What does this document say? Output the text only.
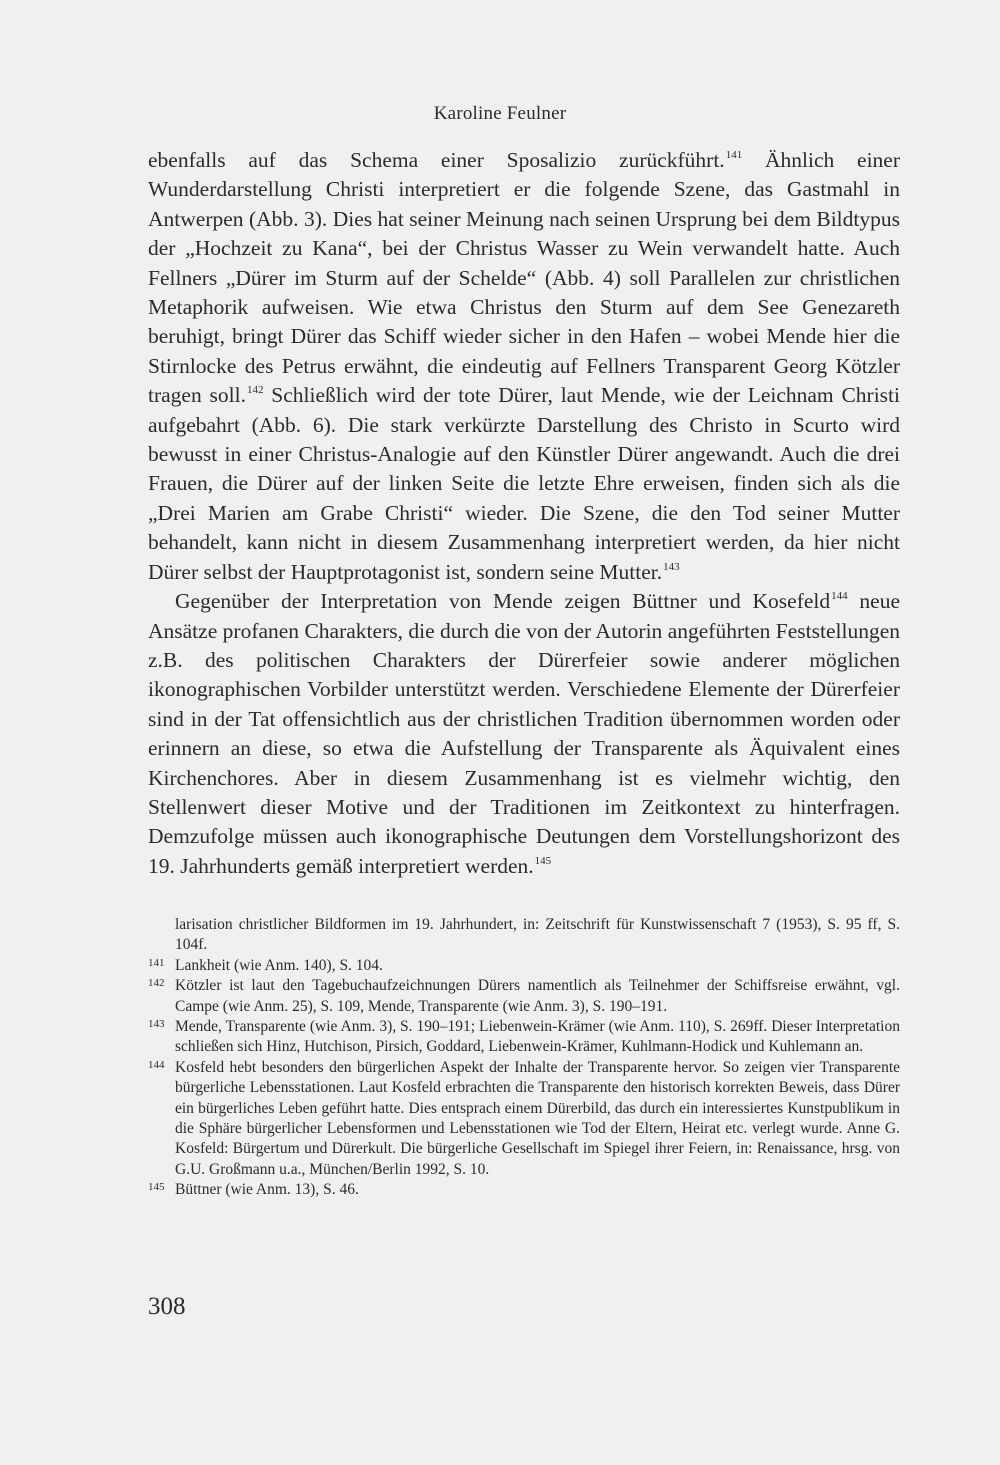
Karoline Feulner

ebenfalls auf das Schema einer Sposalizio zurückführt.$^{141}$ Ähnlich einer Wunderdarstellung Christi interpretiert er die folgende Szene, das Gastmahl in Antwerpen (Abb. 3). Dies hat seiner Meinung nach seinen Ursprung bei dem Bildtypus der „Hochzeit zu Kana“, bei der Christus Wasser zu Wein verwandelt hatte. Auch Fellners „Dürer im Sturm auf der Schelde“ (Abb. 4) soll Parallelen zur christlichen Metaphorik aufweisen. Wie etwa Christus den Sturm auf dem See Genezareth beruhigt, bringt Dürer das Schiff wieder sicher in den Hafen – wobei Mende hier die Stirnlocke des Petrus erwähnt, die eindeutig auf Fellners Transparent Georg Kötzler tragen soll.$^{142}$ Schließlich wird der tote Dürer, laut Mende, wie der Leichnam Christi aufgebahrt (Abb. 6). Die stark verkürzte Darstellung des Christo in Scurto wird bewusst in einer Christus-Analogie auf den Künstler Dürer angewandt. Auch die drei Frauen, die Dürer auf der linken Seite die letzte Ehre erweisen, finden sich als die „Drei Marien am Grabe Christi“ wieder. Die Szene, die den Tod seiner Mutter behandelt, kann nicht in diesem Zusammenhang interpretiert werden, da hier nicht Dürer selbst der Hauptprotagonist ist, sondern seine Mutter.$^{143}$

Gegenüber der Interpretation von Mende zeigen Büttner und Kosefeld$^{144}$ neue Ansätze profanen Charakters, die durch die von der Autorin angeführten Feststellungen z.B. des politischen Charakters der Dürerfeier sowie anderer möglichen ikonographischen Vorbilder unterstützt werden. Verschiedene Elemente der Dürerfeier sind in der Tat offensichtlich aus der christlichen Tradition übernommen worden oder erinnern an diese, so etwa die Aufstellung der Transparente als Äquivalent eines Kirchenchores. Aber in diesem Zusammenhang ist es vielmehr wichtig, den Stellenwert dieser Motive und der Traditionen im Zeitkontext zu hinterfragen. Demzufolge müssen auch ikonographische Deutungen dem Vorstellungshorizont des 19. Jahrhunderts gemäß interpretiert werden.$^{145}$

larisation christlicher Bildformen im 19. Jahrhundert, in: Zeitschrift für Kunstwissenschaft 7 (1953), S. 95 ff, S. 104f.
141 Lankheit (wie Anm. 140), S. 104.
142 Kötzler ist laut den Tagebuchaufzeichnungen Dürers namentlich als Teilnehmer der Schiffsreise erwähnt, vgl. Campe (wie Anm. 25), S. 109, Mende, Transparente (wie Anm. 3), S. 190–191.
143 Mende, Transparente (wie Anm. 3), S. 190–191; Liebenwein-Krämer (wie Anm. 110), S. 269ff. Dieser Interpretation schließen sich Hinz, Hutchison, Pirsich, Goddard, Liebenwein-Krämer, Kuhlmann-Hodick und Kuhlemann an.
144 Kosfeld hebt besonders den bürgerlichen Aspekt der Inhalte der Transparente hervor. So zeigen vier Transparente bürgerliche Lebensstationen. Laut Kosfeld erbrachten die Transparente den historisch korrekten Beweis, dass Dürer ein bürgerliches Leben geführt hatte. Dies entsprach einem Dürerbild, das durch ein interessiertes Kunstpublikum in die Sphäre bürgerlicher Lebensformen und Lebensstationen wie Tod der Eltern, Heirat etc. verlegt wurde. Anne G. Kosfeld: Bürgertum und Dürerkult. Die bürgerliche Gesellschaft im Spiegel ihrer Feiern, in: Renaissance, hrsg. von G.U. Großmann u.a., München/Berlin 1992, S. 10.
145 Büttner (wie Anm. 13), S. 46.
308
